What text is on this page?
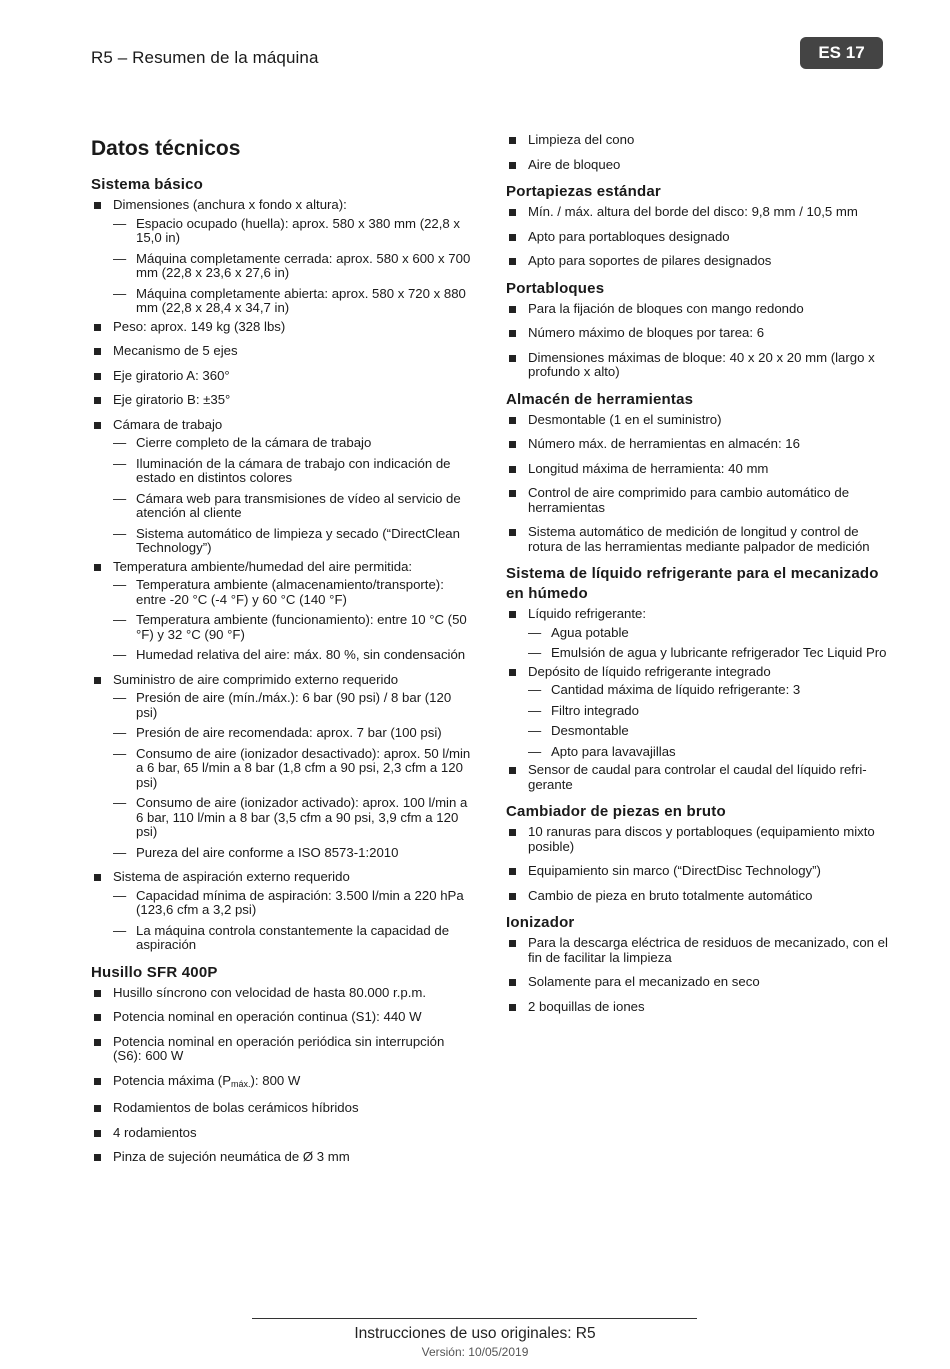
R5 – Resumen de la máquina	ES 17
Datos técnicos
Sistema básico
Dimensiones (anchura x fondo x altura):
— Espacio ocupado (huella): aprox. 580 x 380 mm (22,8 x 15,0 in)
— Máquina completamente cerrada: aprox. 580 x 600 x 700 mm (22,8 x 23,6 x 27,6 in)
— Máquina completamente abierta: aprox. 580 x 720 x 880 mm (22,8 x 28,4 x 34,7 in)
Peso: aprox. 149 kg (328 lbs)
Mecanismo de 5 ejes
Eje giratorio A: 360°
Eje giratorio B: ±35°
Cámara de trabajo
— Cierre completo de la cámara de trabajo
— Iluminación de la cámara de trabajo con indicación de estado en distintos colores
— Cámara web para transmisiones de vídeo al servicio de atención al cliente
— Sistema automático de limpieza y secado (“DirectClean Technology”)
Temperatura ambiente/humedad del aire permitida:
— Temperatura ambiente (almacenamiento/transporte): entre -20 °C (-4 °F) y 60 °C (140 °F)
— Temperatura ambiente (funcionamiento): entre 10 °C (50 °F) y 32 °C (90 °F)
— Humedad relativa del aire: máx. 80 %, sin condensación
Suministro de aire comprimido externo requerido
— Presión de aire (mín./máx.): 6 bar (90 psi) / 8 bar (120 psi)
— Presión de aire recomendada: aprox. 7 bar (100 psi)
— Consumo de aire (ionizador desactivado): aprox. 50 l/min a 6 bar, 65 l/min a 8 bar (1,8 cfm a 90 psi, 2,3 cfm a 120 psi)
— Consumo de aire (ionizador activado): aprox. 100 l/min a 6 bar, 110 l/min a 8 bar (3,5 cfm a 90 psi, 3,9 cfm a 120 psi)
— Pureza del aire conforme a ISO 8573-1:2010
Sistema de aspiración externo requerido
— Capacidad mínima de aspiración: 3.500 l/min a 220 hPa (123,6 cfm a 3,2 psi)
— La máquina controla constantemente la capacidad de aspiración
Husillo SFR 400P
Husillo síncrono con velocidad de hasta 80.000 r.p.m.
Potencia nominal en operación continua (S1): 440 W
Potencia nominal en operación periódica sin interrupción (S6): 600 W
Potencia máxima $(P_{máx.})$: 800 W
Rodamientos de bolas cerámicos híbridos
4 rodamientos
Pinza de sujeción neumática de Ø 3 mm
Limpieza del cono
Aire de bloqueo
Portapiezas estándar
Mín. / máx. altura del borde del disco: 9,8 mm / 10,5 mm
Apto para portabloques designado
Apto para soportes de pilares designados
Portabloques
Para la fijación de bloques con mango redondo
Número máximo de bloques por tarea: 6
Dimensiones máximas de bloque: 40 x 20 x 20 mm (largo x profundo x alto)
Almacén de herramientas
Desmontable (1 en el suministro)
Número máx. de herramientas en almacén: 16
Longitud máxima de herramienta: 40 mm
Control de aire comprimido para cambio automático de herramientas
Sistema automático de medición de longitud y control de rotura de las herramientas mediante palpador de medición
Sistema de líquido refrigerante para el mecanizado en húmedo
Líquido refrigerante:
— Agua potable
— Emulsión de agua y lubricante refrigerador Tec Liquid Pro
Depósito de líquido refrigerante integrado
— Cantidad máxima de líquido refrigerante: 3
— Filtro integrado
— Desmontable
— Apto para lavavajillas
Sensor de caudal para controlar el caudal del líquido refrigerante
Cambiador de piezas en bruto
10 ranuras para discos y portabloques (equipamiento mixto posible)
Equipamiento sin marco (“DirectDisc Technology”)
Cambio de pieza en bruto totalmente automático
Ionizador
Para la descarga eléctrica de residuos de mecanizado, con el fin de facilitar la limpieza
Solamente para el mecanizado en seco
2 boquillas de iones
Instrucciones de uso originales: R5
Versión: 10/05/2019
